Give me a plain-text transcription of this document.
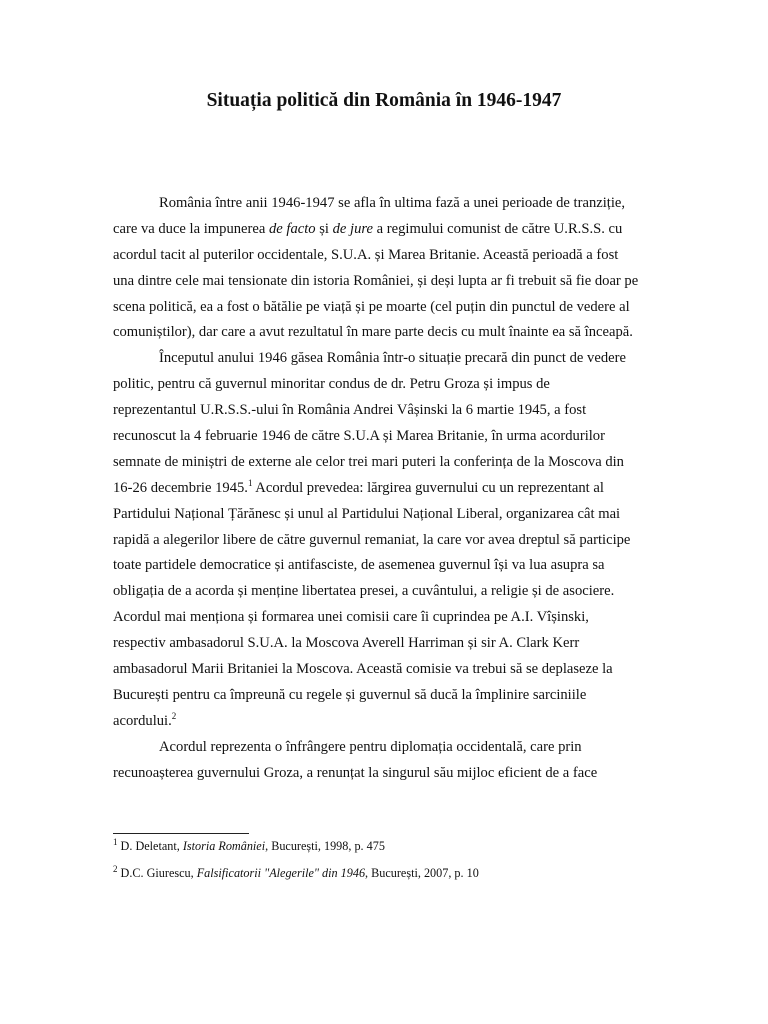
Situația politică din România în 1946-1947
România între anii 1946-1947 se afla în ultima fază a unei perioade de tranziție,
care va duce la impunerea de facto și de jure a regimului comunist de către U.R.S.S. cu
acordul tacit al puterilor occidentale, S.U.A. și Marea Britanie. Această perioadă a fost
una dintre cele mai tensionate din istoria României, și deși lupta ar fi trebuit să fie doar pe
scena politică, ea a fost o bătălie pe viață și pe moarte (cel puțin din punctul de vedere al
comuniștilor), dar care a avut rezultatul în mare parte decis cu mult înainte ea să înceapă.
Începutul anului 1946 găsea România într-o situație precară din punct de vedere
politic, pentru că guvernul minoritar condus de dr. Petru Groza și impus de
reprezentantul U.R.S.S.-ului în România Andrei Vâșinski la 6 martie 1945, a fost
recunoscut la 4 februarie 1946 de către S.U.A și Marea Britanie, în urma acordurilor
semnate de miniștri de externe ale celor trei mari puteri la conferința de la Moscova din
16-26 decembrie 1945.$^1$ Acordul prevedea: lărgirea guvernului cu un reprezentant al
Partidului Național Țărănesc și unul al Partidului Național Liberal, organizarea cât mai
rapidă a alegerilor libere de către guvernul remaniat, la care vor avea dreptul să participe
toate partidele democratice și antifasciste, de asemenea guvernul își va lua asupra sa
obligația de a acorda și menține libertatea presei, a cuvântului, a religie și de asociere.
Acordul mai menționa și formarea unei comisii care îi cuprindea pe A.I. Vîșinski,
respectiv ambasadorul S.U.A. la Moscova Averell Harriman și sir A. Clark Kerr
ambasadorul Marii Britaniei la Moscova. Această comisie va trebui să se deplaseze la
București pentru ca împreună cu regele și guvernul să ducă la împlinire sarciniile
acordului.$^2$
Acordul reprezenta o înfrângere pentru diplomația occidentală, care prin
recunoașterea guvernului Groza, a renunțat la singurul său mijloc eficient de a face
$^1$ D. Deletant, Istoria României, București, 1998, p. 475
$^2$ D.C. Giurescu, Falsificatorii "Alegerile" din 1946, București, 2007, p. 10
